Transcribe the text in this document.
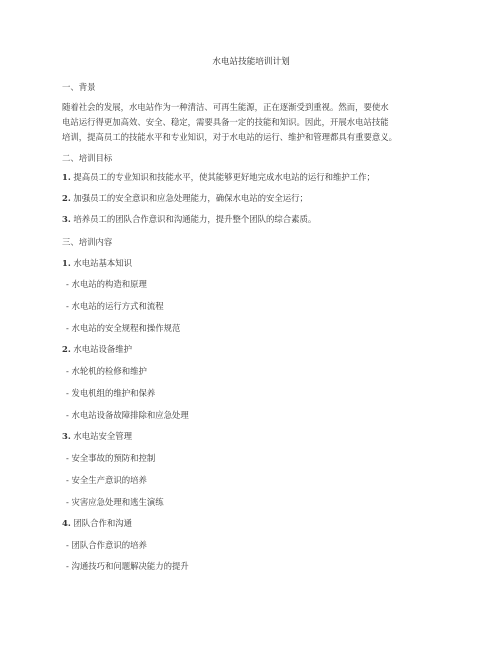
水电站技能培训计划
一、背景
随着社会的发展，水电站作为一种清洁、可再生能源，正在逐渐受到重视。然而，要使水
电站运行得更加高效、安全、稳定，需要具备一定的技能和知识。因此，开展水电站技能
培训，提高员工的技能水平和专业知识，对于水电站的运行、维护和管理都具有重要意义。
二、培训目标
1. 提高员工的专业知识和技能水平，使其能够更好地完成水电站的运行和维护工作；
2. 加强员工的安全意识和应急处理能力，确保水电站的安全运行；
3. 培养员工的团队合作意识和沟通能力，提升整个团队的综合素质。
三、培训内容
1. 水电站基本知识
- 水电站的构造和原理
- 水电站的运行方式和流程
- 水电站的安全规程和操作规范
2. 水电站设备维护
- 水轮机的检修和维护
- 发电机组的维护和保养
- 水电站设备故障排除和应急处理
3. 水电站安全管理
- 安全事故的预防和控制
- 安全生产意识的培养
- 灾害应急处理和逃生演练
4. 团队合作和沟通
- 团队合作意识的培养
- 沟通技巧和问题解决能力的提升
